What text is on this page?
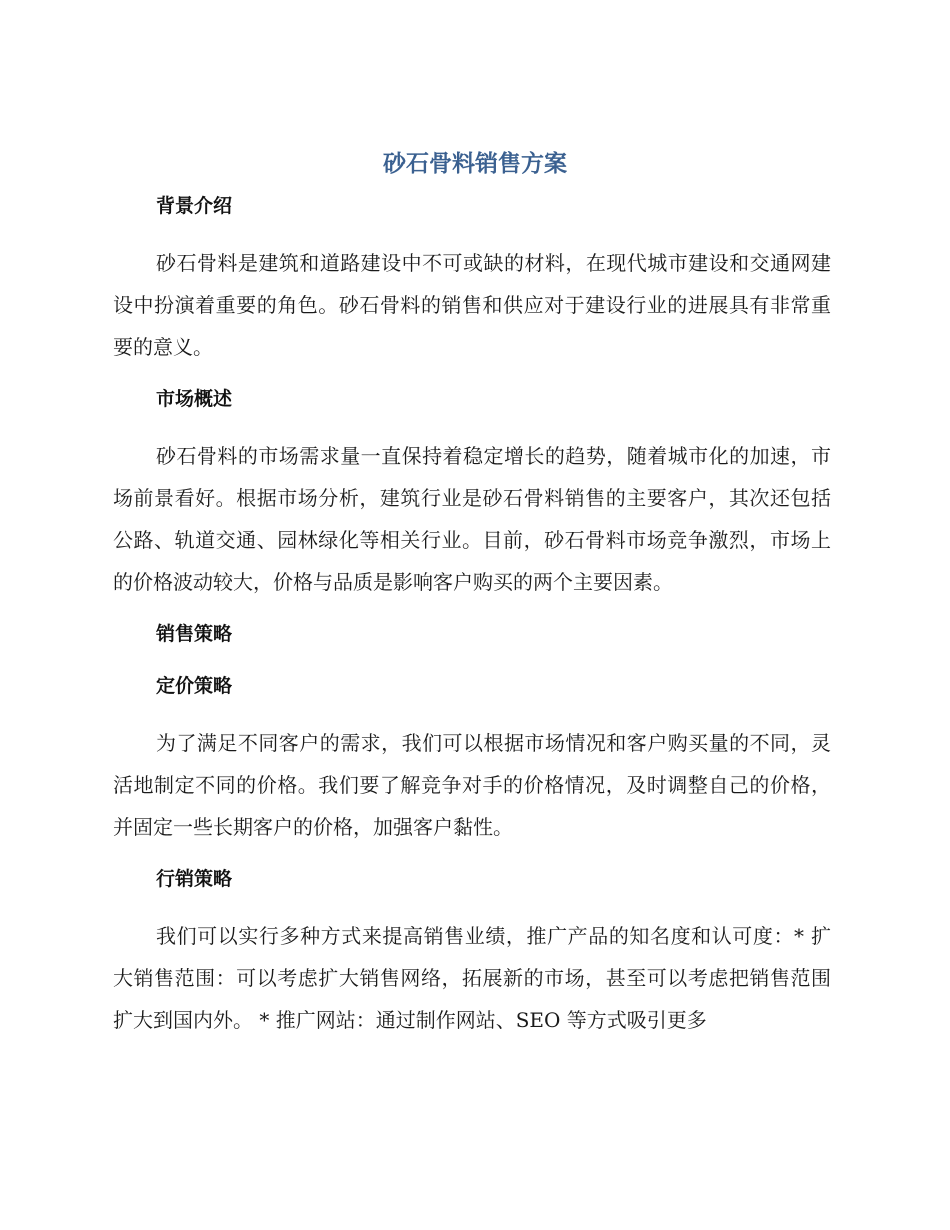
砂石骨料销售方案
背景介绍

砂石骨料是建筑和道路建设中不可或缺的材料，在现代城市建设和交通网建设中扮演着重要的角色。砂石骨料的销售和供应对于建设行业的进展具有非常重要的意义。

市场概述

砂石骨料的市场需求量一直保持着稳定增长的趋势，随着城市化的加速，市场前景看好。根据市场分析，建筑行业是砂石骨料销售的主要客户，其次还包括公路、轨道交通、园林绿化等相关行业。目前，砂石骨料市场竞争激烈，市场上的价格波动较大，价格与品质是影响客户购买的两个主要因素。

销售策略
定价策略

为了满足不同客户的需求，我们可以根据市场情况和客户购买量的不同，灵活地制定不同的价格。我们要了解竞争对手的价格情况，及时调整自己的价格，并固定一些长期客户的价格，加强客户黏性。

行销策略

我们可以实行多种方式来提高销售业绩，推广产品的知名度和认可度：* 扩大销售范围：可以考虑扩大销售网络，拓展新的市场，甚至可以考虑把销售范围扩大到国内外。 * 推广网站：通过制作网站、SEO 等方式吸引更多
